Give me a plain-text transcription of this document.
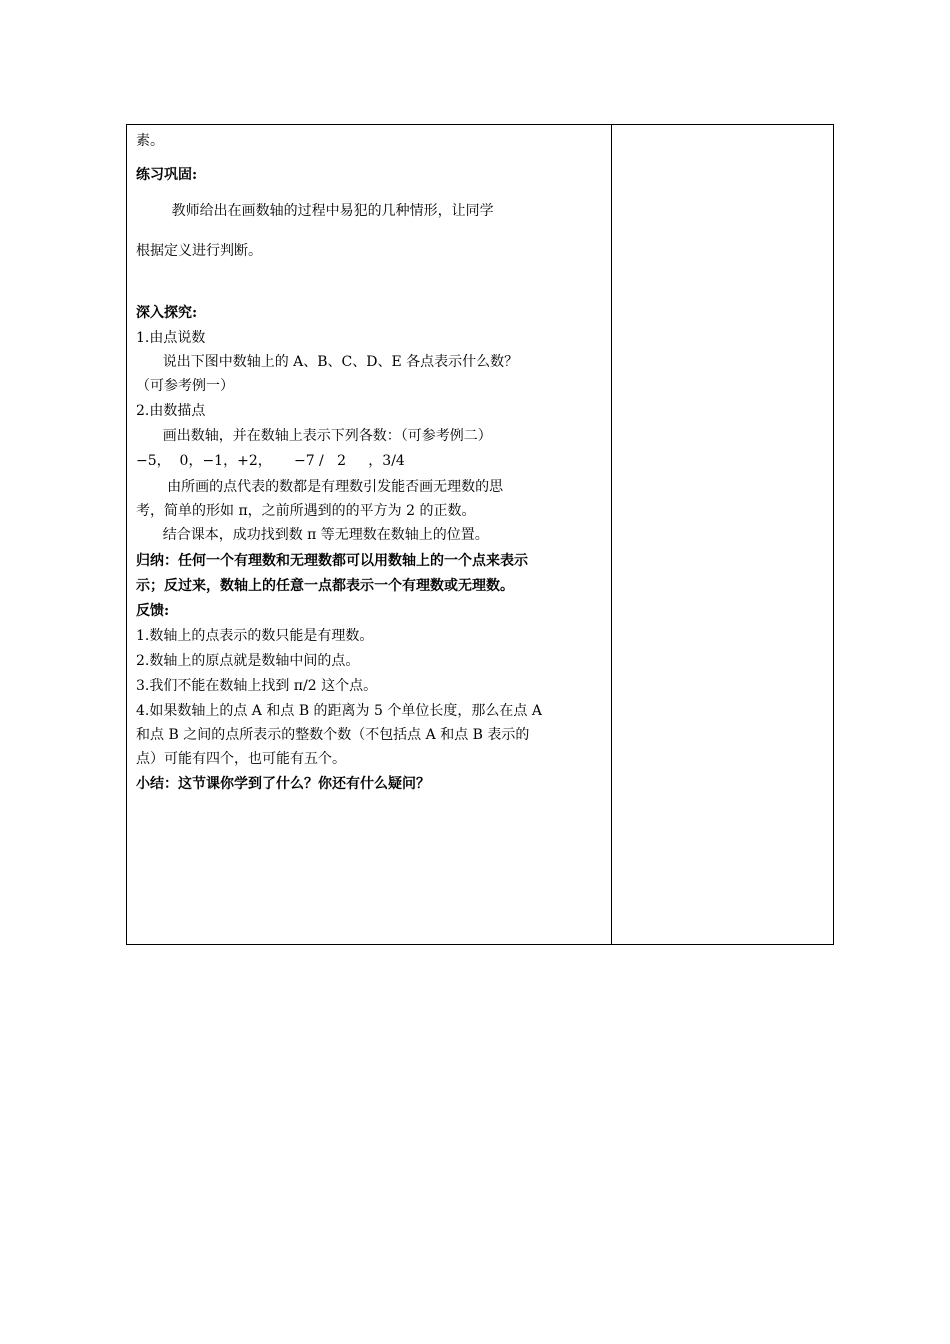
素。
练习巩固:
教师给出在画数轴的过程中易犯的几种情形，让同学
根据定义进行判断。
深入探究:
1.由点说数
说出下图中数轴上的 A、B、C、D、E 各点表示什么数？
（可参考例一）
2.由数描点
画出数轴，并在数轴上表示下列各数：（可参考例二）
−5，  0，−1，+2，     −7 /   2     ，3/4
由所画的点代表的数都是有理数引发能否画无理数的思
考，简单的形如 π，之前所遇到的的平方为 2 的正数。
结合课本，成功找到数 π 等无理数在数轴上的位置。
归纳：任何一个有理数和无理数都可以用数轴上的一个点来表示
示；反过来，数轴上的任意一点都表示一个有理数或无理数。
反馈:
1.数轴上的点表示的数只能是有理数。
2.数轴上的原点就是数轴中间的点。
3.我们不能在数轴上找到 π/2 这个点。
4.如果数轴上的点 A 和点 B 的距离为 5 个单位长度，那么在点 A
和点 B 之间的点所表示的整数个数（不包括点 A 和点 B 表示的
点）可能有四个，也可能有五个。
小结：这节课你学到了什么？你还有什么疑问？
